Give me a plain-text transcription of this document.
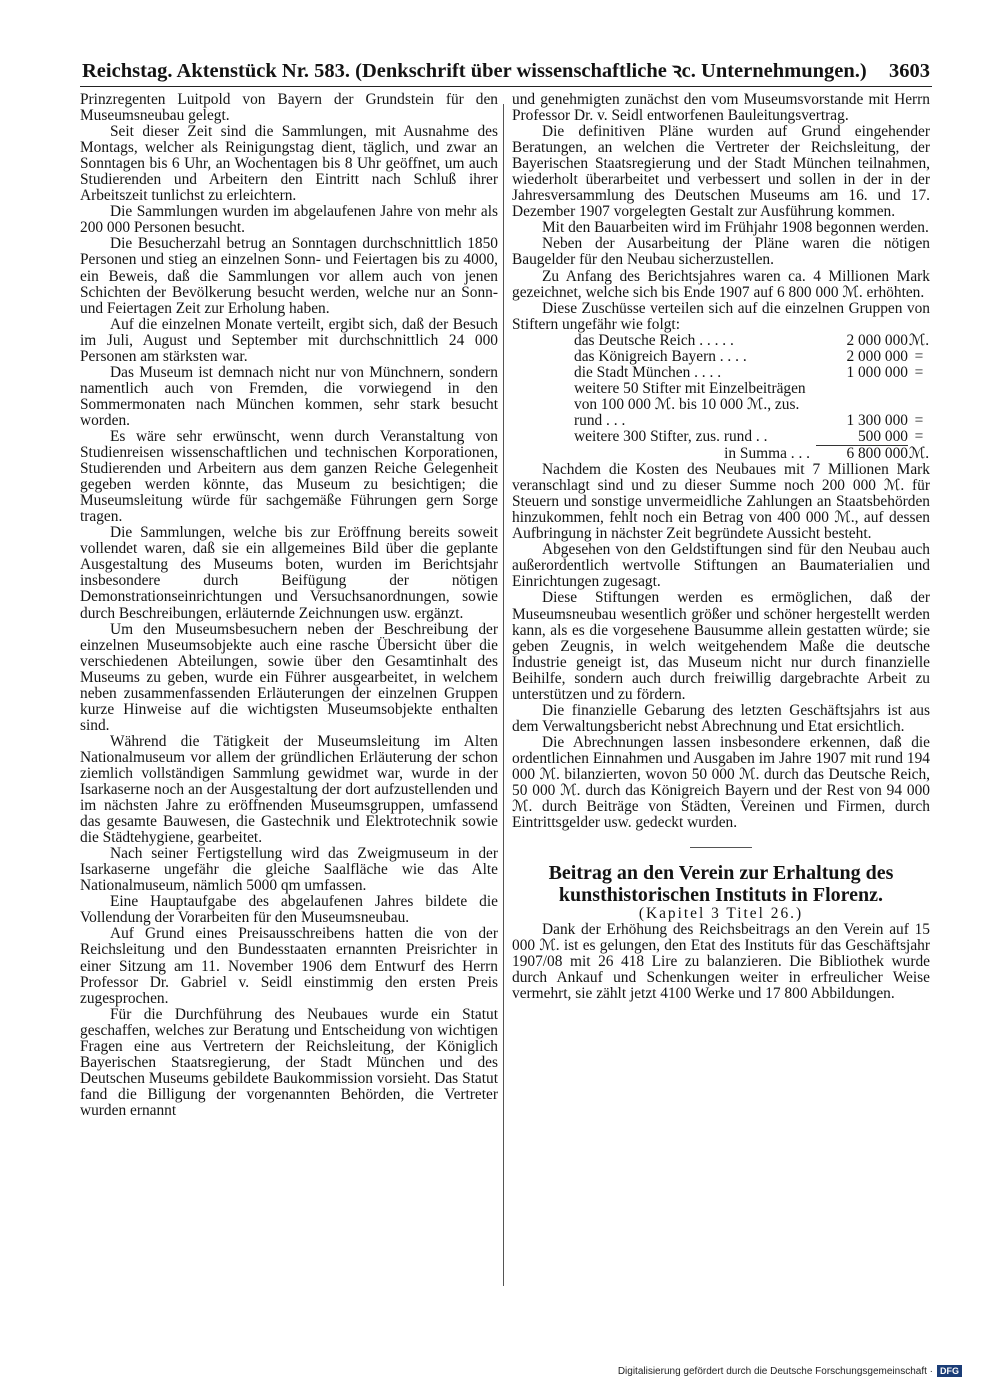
Reichstag. Aktenstück Nr. 583. (Denkschrift über wissenschaftliche ꝛc. Unternehmungen.) 3603

Prinzregenten Luitpold von Bayern der Grundstein für den Museumsneubau gelegt.

Seit dieser Zeit sind die Sammlungen, mit Ausnahme des Montags, welcher als Reinigungstag dient, täglich, und zwar an Sonntagen bis 6 Uhr, an Wochentagen bis 8 Uhr geöffnet, um auch Studierenden und Arbeitern den Eintritt nach Schluß ihrer Arbeitszeit tunlichst zu erleichtern.

Die Sammlungen wurden im abgelaufenen Jahre von mehr als 200 000 Personen besucht.

Die Besucherzahl betrug an Sonntagen durchschnittlich 1850 Personen und stieg an einzelnen Sonn- und Feiertagen bis zu 4000, ein Beweis, daß die Sammlungen vor allem auch von jenen Schichten der Bevölkerung besucht werden, welche nur an Sonn- und Feiertagen Zeit zur Erholung haben.

Auf die einzelnen Monate verteilt, ergibt sich, daß der Besuch im Juli, August und September mit durchschnittlich 24 000 Personen am stärksten war.

Das Museum ist demnach nicht nur von Münchnern, sondern namentlich auch von Fremden, die vorwiegend in den Sommermonaten nach München kommen, sehr stark besucht worden.

Es wäre sehr erwünscht, wenn durch Veranstaltung von Studienreisen wissenschaftlichen und technischen Korporationen, Studierenden und Arbeitern aus dem ganzen Reiche Gelegenheit gegeben werden könnte, das Museum zu besichtigen; die Museumsleitung würde für sachgemäße Führungen gern Sorge tragen.

Die Sammlungen, welche bis zur Eröffnung bereits soweit vollendet waren, daß sie ein allgemeines Bild über die geplante Ausgestaltung des Museums boten, wurden im Berichtsjahr insbesondere durch Beifügung der nötigen Demonstrationseinrichtungen und Versuchsanordnungen, sowie durch Beschreibungen, erläuternde Zeichnungen usw. ergänzt.

Um den Museumsbesuchern neben der Beschreibung der einzelnen Museumsobjekte auch eine rasche Übersicht über die verschiedenen Abteilungen, sowie über den Gesamtinhalt des Museums zu geben, wurde ein Führer ausgearbeitet, in welchem neben zusammenfassenden Erläuterungen der einzelnen Gruppen kurze Hinweise auf die wichtigsten Museumsobjekte enthalten sind.

Während die Tätigkeit der Museumsleitung im Alten Nationalmuseum vor allem der gründlichen Erläuterung der schon ziemlich vollständigen Sammlung gewidmet war, wurde in der Isarkaserne noch an der Ausgestaltung der dort aufzustellenden und im nächsten Jahre zu eröffnenden Museumsgruppen, umfassend das gesamte Bauwesen, die Gastechnik und Elektrotechnik sowie die Städtehygiene, gearbeitet.

Nach seiner Fertigstellung wird das Zweigmuseum in der Isarkaserne ungefähr die gleiche Saalfläche wie das Alte Nationalmuseum, nämlich 5000 qm umfassen.

Eine Hauptaufgabe des abgelaufenen Jahres bildete die Vollendung der Vorarbeiten für den Museumsneubau.

Auf Grund eines Preisausschreibens hatten die von der Reichsleitung und den Bundesstaaten ernannten Preisrichter in einer Sitzung am 11. November 1906 dem Entwurf des Herrn Professor Dr. Gabriel v. Seidl einstimmig den ersten Preis zugesprochen.

Für die Durchführung des Neubaues wurde ein Statut geschaffen, welches zur Beratung und Entscheidung von wichtigen Fragen eine aus Vertretern der Reichsleitung, der Königlich Bayerischen Staatsregierung, der Stadt München und des Deutschen Museums gebildete Baukommission vorsieht. Das Statut fand die Billigung der vorgenannten Behörden, die Vertreter wurden ernannt

und genehmigten zunächst den vom Museumsvorstande mit Herrn Professor Dr. v. Seidl entworfenen Bauleitungsvertrag.

Die definitiven Pläne wurden auf Grund eingehender Beratungen, an welchen die Vertreter der Reichsleitung, der Bayerischen Staatsregierung und der Stadt München teilnahmen, wiederholt überarbeitet und verbessert und sollen in der in der Jahresversammlung des Deutschen Museums am 16. und 17. Dezember 1907 vorgelegten Gestalt zur Ausführung kommen.

Mit den Bauarbeiten wird im Frühjahr 1908 begonnen werden.

Neben der Ausarbeitung der Pläne waren die nötigen Baugelder für den Neubau sicherzustellen.

Zu Anfang des Berichtsjahres waren ca. 4 Millionen Mark gezeichnet, welche sich bis Ende 1907 auf 6 800 000 ℳ. erhöhten.

Diese Zuschüsse verteilen sich auf die einzelnen Gruppen von Stiftern ungefähr wie folgt:

das Deutsche Reich . . . . .	2 000 000	ℳ.
das Königreich Bayern . . . .	2 000 000	=
die Stadt München . . . .	1 000 000	=
weitere 50 Stifter mit Einzelbeiträgen von 100 000 ℳ. bis 10 000 ℳ., zus. rund . . .	1 300 000	=
weitere 300 Stifter, zus. rund . .	500 000	=
in Summa . . .	6 800 000	ℳ.

Nachdem die Kosten des Neubaues mit 7 Millionen Mark veranschlagt sind und zu dieser Summe noch 200 000 ℳ. für Steuern und sonstige unvermeidliche Zahlungen an Staatsbehörden hinzukommen, fehlt noch ein Betrag von 400 000 ℳ., auf dessen Aufbringung in nächster Zeit begründete Aussicht besteht.

Abgesehen von den Geldstiftungen sind für den Neubau auch außerordentlich wertvolle Stiftungen an Baumaterialien und Einrichtungen zugesagt.

Diese Stiftungen werden es ermöglichen, daß der Museumsneubau wesentlich größer und schöner hergestellt werden kann, als es die vorgesehene Bausumme allein gestatten würde; sie geben Zeugnis, in welch weitgehendem Maße die deutsche Industrie geneigt ist, das Museum nicht nur durch finanzielle Beihilfe, sondern auch durch freiwillig dargebrachte Arbeit zu unterstützen und zu fördern.

Die finanzielle Gebarung des letzten Geschäftsjahrs ist aus dem Verwaltungsbericht nebst Abrechnung und Etat ersichtlich.

Die Abrechnungen lassen insbesondere erkennen, daß die ordentlichen Einnahmen und Ausgaben im Jahre 1907 mit rund 194 000 ℳ. bilanzierten, wovon 50 000 ℳ. durch das Deutsche Reich, 50 000 ℳ. durch das Königreich Bayern und der Rest von 94 000 ℳ. durch Beiträge von Städten, Vereinen und Firmen, durch Eintrittsgelder usw. gedeckt wurden.

Beitrag an den Verein zur Erhaltung des kunsthistorischen Instituts in Florenz.

(Kapitel 3 Titel 26.)

Dank der Erhöhung des Reichsbeitrags an den Verein auf 15 000 ℳ. ist es gelungen, den Etat des Instituts für das Geschäftsjahr 1907/08 mit 26 418 Lire zu balanzieren. Die Bibliothek wurde durch Ankauf und Schenkungen weiter in erfreulicher Weise vermehrt, sie zählt jetzt 4100 Werke und 17 800 Abbildungen.

Digitalisierung gefördert durch die Deutsche Forschungsgemeinschaft · DFG
